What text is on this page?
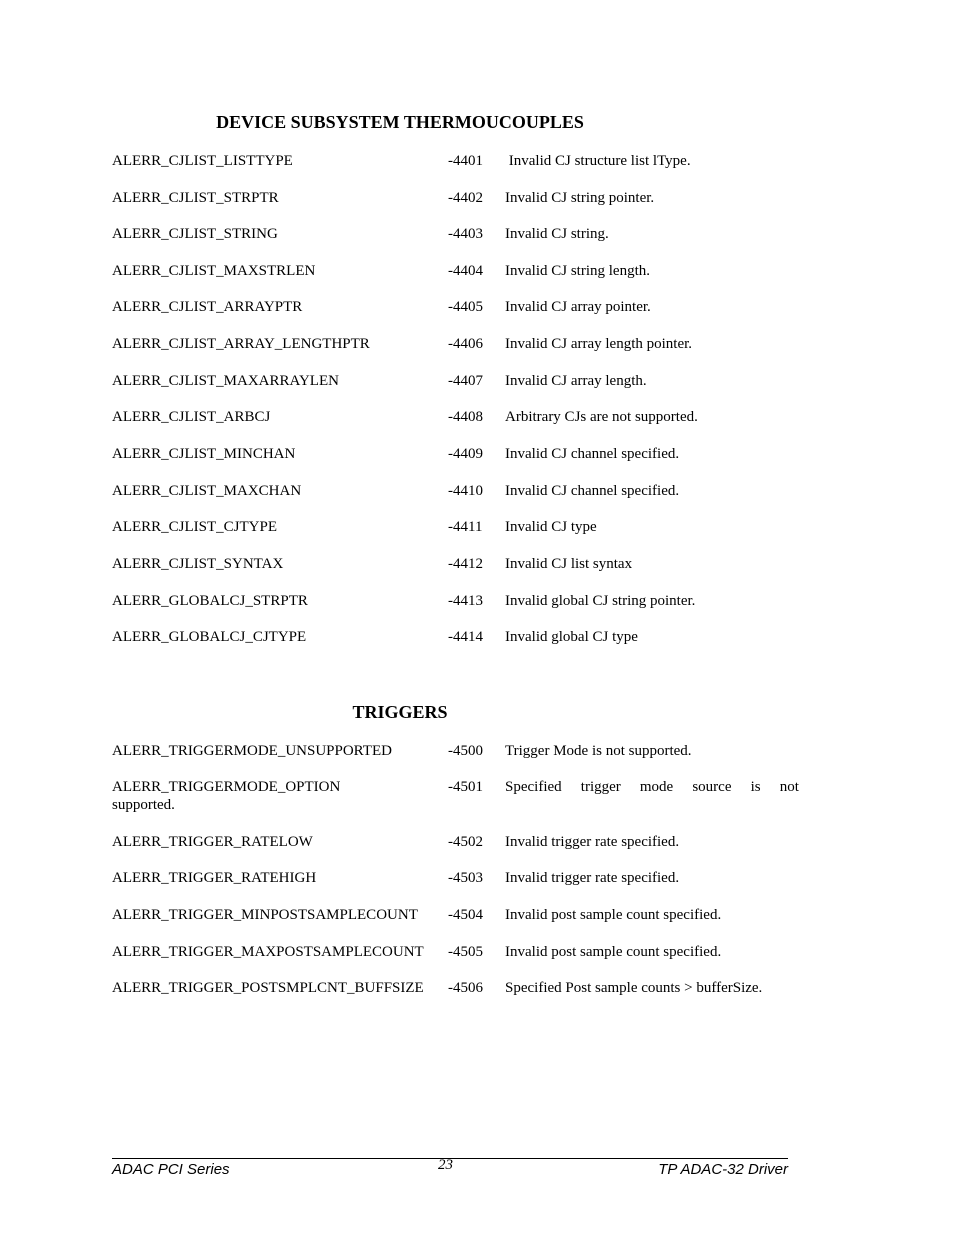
DEVICE SUBSYSTEM THERMOUCOUPLES
ALERR_CJLIST_LISTTYPE	-4401 Invalid CJ structure list lType.
ALERR_CJLIST_STRPTR	-4402 Invalid CJ string pointer.
ALERR_CJLIST_STRING	-4403 Invalid CJ string.
ALERR_CJLIST_MAXSTRLEN	-4404 Invalid CJ string length.
ALERR_CJLIST_ARRAYPTR	-4405 Invalid CJ array pointer.
ALERR_CJLIST_ARRAY_LENGTHPTR	-4406 Invalid CJ array length pointer.
ALERR_CJLIST_MAXARRAYLEN	-4407 Invalid CJ array length.
ALERR_CJLIST_ARBCJ	-4408 Arbitrary CJs are not supported.
ALERR_CJLIST_MINCHAN	-4409 Invalid CJ channel specified.
ALERR_CJLIST_MAXCHAN	-4410 Invalid CJ channel specified.
ALERR_CJLIST_CJTYPE	-4411 Invalid CJ type
ALERR_CJLIST_SYNTAX	-4412 Invalid CJ list syntax
ALERR_GLOBALCJ_STRPTR	-4413 Invalid global CJ string pointer.
ALERR_GLOBALCJ_CJTYPE	-4414 Invalid global CJ type
TRIGGERS
ALERR_TRIGGERMODE_UNSUPPORTED	-4500 Trigger Mode is not supported.
ALERR_TRIGGERMODE_OPTION	-4501 Specified trigger mode source is not
supported.
ALERR_TRIGGER_RATELOW	-4502 Invalid trigger rate specified.
ALERR_TRIGGER_RATEHIGH	-4503 Invalid trigger rate specified.
ALERR_TRIGGER_MINPOSTSAMPLECOUNT -4504 Invalid post sample count specified.
ALERR_TRIGGER_MAXPOSTSAMPLECOUNT -4505 Invalid post sample count specified.
ALERR_TRIGGER_POSTSMPLCNT_BUFFSIZE -4506 Specified Post sample counts > bufferSize.
ADAC PCI Series	23	TP ADAC-32 Driver
